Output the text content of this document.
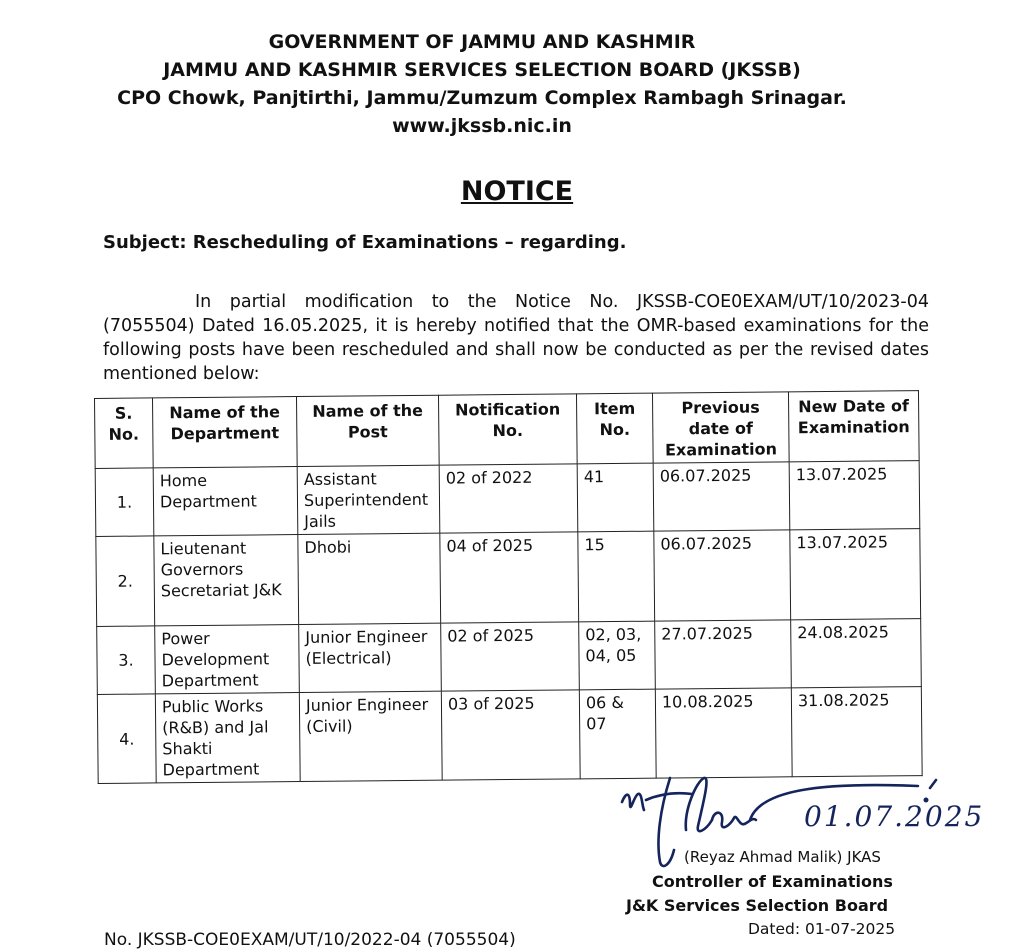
GOVERNMENT OF JAMMU AND KASHMIR
JAMMU AND KASHMIR SERVICES SELECTION BOARD (JKSSB)
CPO Chowk, Panjtirthi, Jammu/Zumzum Complex Rambagh Srinagar.
www.jkssb.nic.in
NOTICE
Subject: Rescheduling of Examinations – regarding.
In partial modification to the Notice No. JKSSB-COE0EXAM/UT/10/2023-04 (7055504) Dated 16.05.2025, it is hereby notified that the OMR-based examinations for the following posts have been rescheduled and shall now be conducted as per the revised dates mentioned below:
S. No.	Name of the Department	Name of the Post	Notification No.	Item No.	Previous date of Examination	New Date of Examination
1.	Home Department	Assistant Superintendent Jails	02 of 2022	41	06.07.2025	13.07.2025
2.	Lieutenant Governors Secretariat J&K	Dhobi	04 of 2025	15	06.07.2025	13.07.2025
3.	Power Development Department	Junior Engineer (Electrical)	02 of 2025	02, 03, 04, 05	27.07.2025	24.08.2025
4.	Public Works (R&B) and Jal Shakti Department	Junior Engineer (Civil)	03 of 2025	06 & 07	10.08.2025	31.08.2025
01.07.2025
(Reyaz Ahmad Malik) JKAS
Controller of Examinations
J&K Services Selection Board
Dated: 01-07-2025
No. JKSSB-COE0EXAM/UT/10/2022-04 (7055504)
